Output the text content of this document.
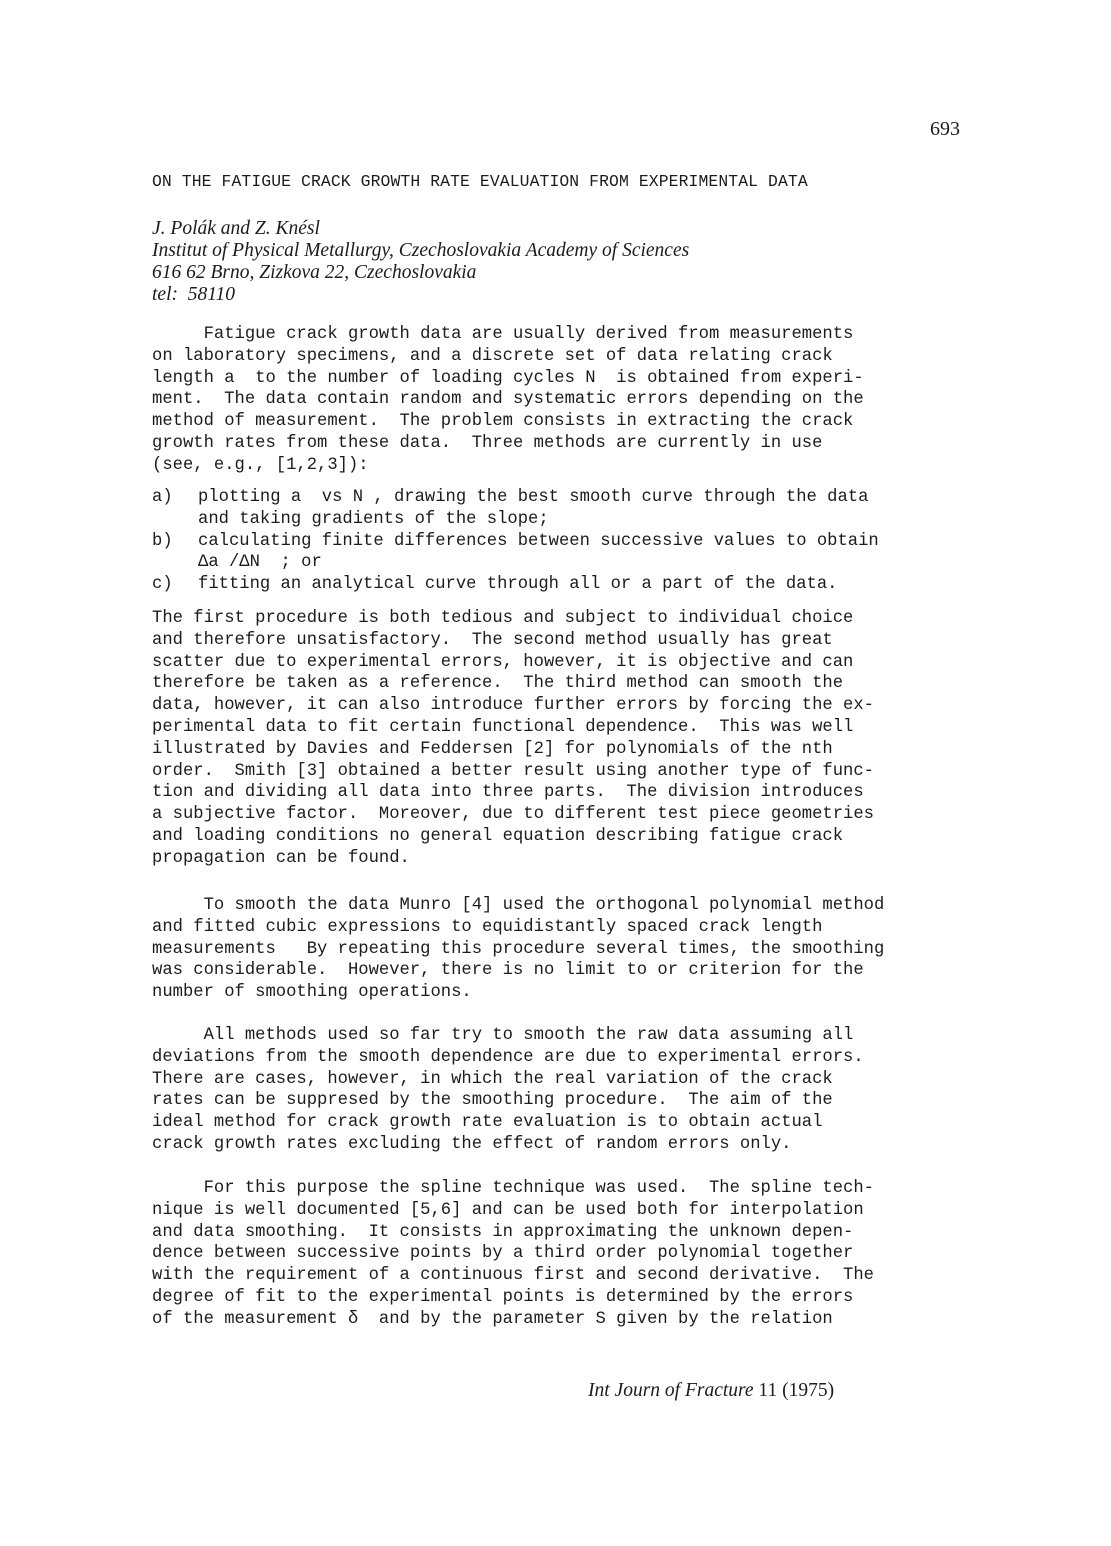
693
ON THE FATIGUE CRACK GROWTH RATE EVALUATION FROM EXPERIMENTAL DATA
J. Polák and Z. Knésl
Institut of Physical Metallurgy, Czechoslovakia Academy of Sciences
616 62 Brno, Zizkova 22, Czechoslovakia
tel:  58110
Fatigue crack growth data are usually derived from measurements
on laboratory specimens, and a discrete set of data relating crack
length a  to the number of loading cycles N  is obtained from experi-
ment.  The data contain random and systematic errors depending on the
method of measurement.  The problem consists in extracting the crack
growth rates from these data.  Three methods are currently in use
(see, e.g., [1,2,3]):
a)	plotting a  vs N , drawing the best smooth curve through the data
and taking gradients of the slope;
b)	calculating finite differences between successive values to obtain
Δa /ΔN  ; or
c)	fitting an analytical curve through all or a part of the data.
The first procedure is both tedious and subject to individual choice
and therefore unsatisfactory.  The second method usually has great
scatter due to experimental errors, however, it is objective and can
therefore be taken as a reference.  The third method can smooth the
data, however, it can also introduce further errors by forcing the ex-
perimental data to fit certain functional dependence.  This was well
illustrated by Davies and Feddersen [2] for polynomials of the nth
order.  Smith [3] obtained a better result using another type of func-
tion and dividing all data into three parts.  The division introduces
a subjective factor.  Moreover, due to different test piece geometries
and loading conditions no general equation describing fatigue crack
propagation can be found.
To smooth the data Munro [4] used the orthogonal polynomial method
and fitted cubic expressions to equidistantly spaced crack length
measurements   By repeating this procedure several times, the smoothing
was considerable.  However, there is no limit to or criterion for the
number of smoothing operations.
All methods used so far try to smooth the raw data assuming all
deviations from the smooth dependence are due to experimental errors.
There are cases, however, in which the real variation of the crack
rates can be suppresed by the smoothing procedure.  The aim of the
ideal method for crack growth rate evaluation is to obtain actual
crack growth rates excluding the effect of random errors only.
For this purpose the spline technique was used.  The spline tech-
nique is well documented [5,6] and can be used both for interpolation
and data smoothing.  It consists in approximating the unknown depen-
dence between successive points by a third order polynomial together
with the requirement of a continuous first and second derivative.  The
degree of fit to the experimental points is determined by the errors
of the measurement δ  and by the parameter S given by the relation
Int Journ of Fracture 11 (1975)
